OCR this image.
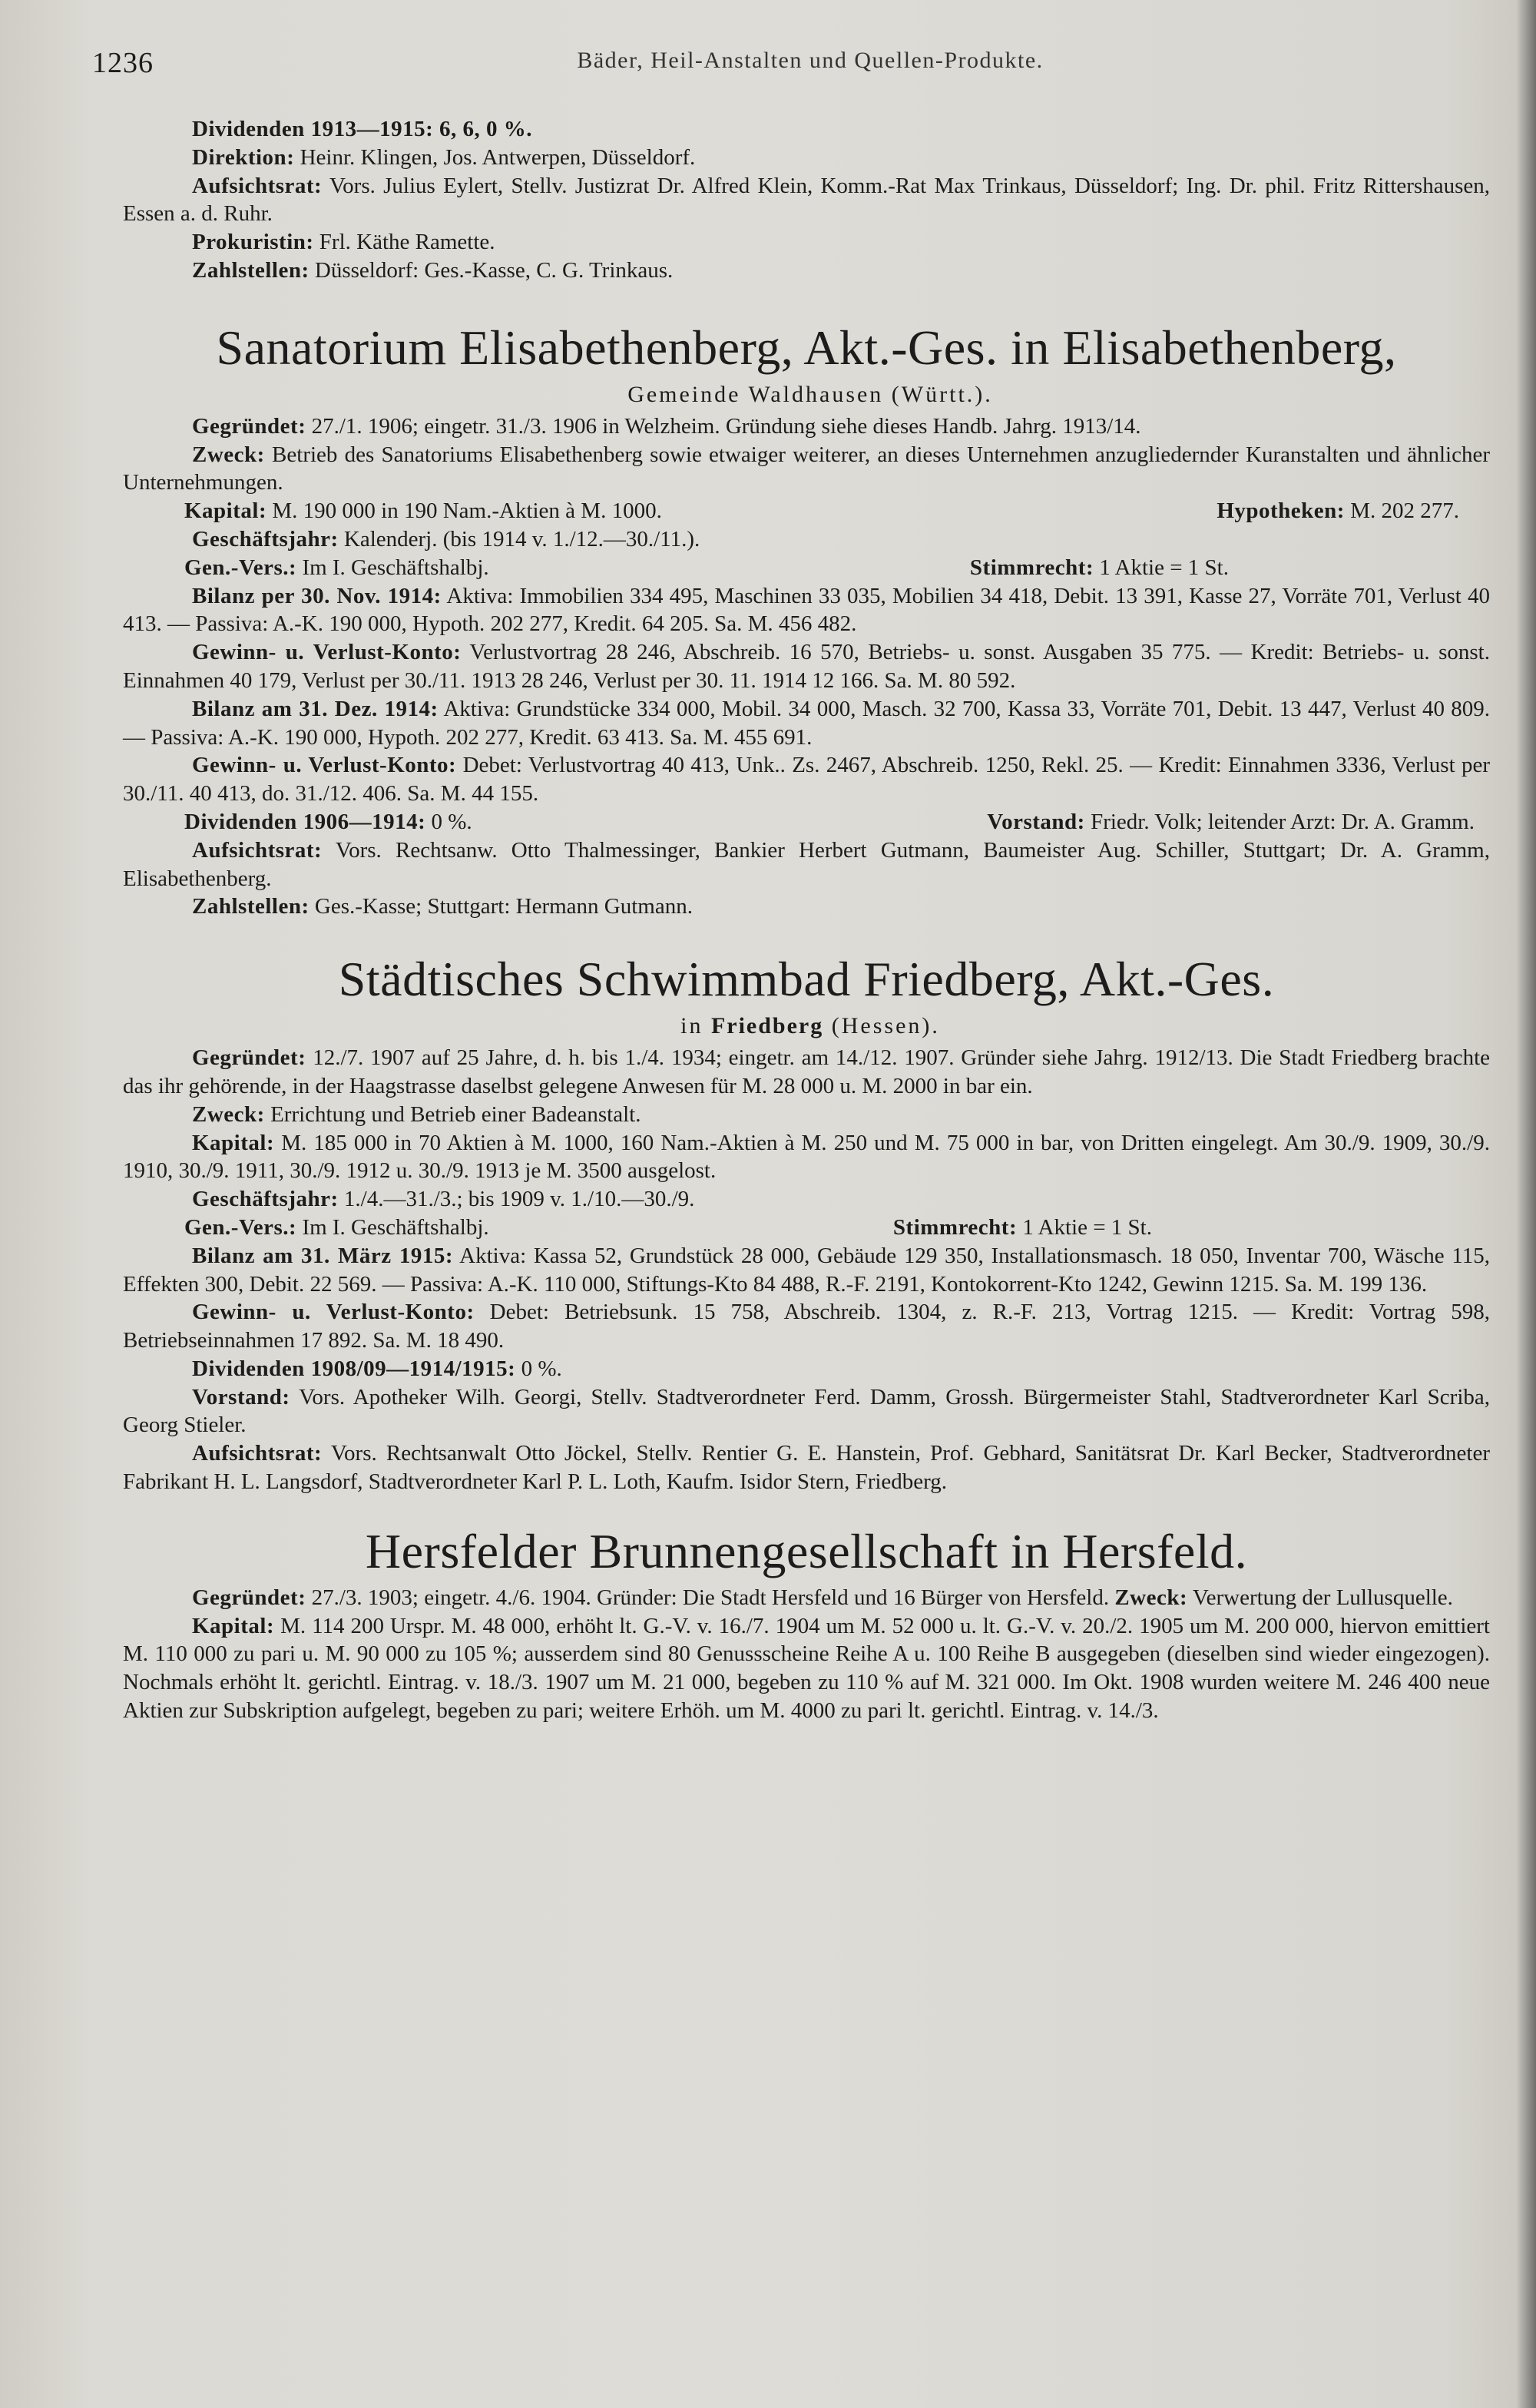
1236	Bäder, Heil-Anstalten und Quellen-Produkte.

Dividenden 1913—1915: 6, 6, 0 %.

Direktion: Heinr. Klingen, Jos. Antwerpen, Düsseldorf.

Aufsichtsrat: Vors. Julius Eylert, Stellv. Justizrat Dr. Alfred Klein, Komm.-Rat Max Trinkaus, Düsseldorf; Ing. Dr. phil. Fritz Rittershausen, Essen a. d. Ruhr.

Prokuristin: Frl. Käthe Ramette.

Zahlstellen: Düsseldorf: Ges.-Kasse, C. G. Trinkaus.

Sanatorium Elisabethenberg, Akt.-Ges. in Elisabethenberg,
Gemeinde Waldhausen (Württ.).

Gegründet: 27./1. 1906; eingetr. 31./3. 1906 in Welzheim. Gründung siehe dieses Handb. Jahrg. 1913/14.

Zweck: Betrieb des Sanatoriums Elisabethenberg sowie etwaiger weiterer, an dieses Unternehmen anzugliedernder Kuranstalten und ähnlicher Unternehmungen.

Kapital: M. 190 000 in 190 Nam.-Aktien à M. 1000.	Hypotheken: M. 202 277.

Geschäftsjahr: Kalenderj. (bis 1914 v. 1./12.—30./11.).

Gen.-Vers.: Im I. Geschäftshalbj.	Stimmrecht: 1 Aktie = 1 St.

Bilanz per 30. Nov. 1914: Aktiva: Immobilien 334 495, Maschinen 33 035, Mobilien 34 418, Debit. 13 391, Kasse 27, Vorräte 701, Verlust 40 413. — Passiva: A.-K. 190 000, Hypoth. 202 277, Kredit. 64 205. Sa. M. 456 482.

Gewinn- u. Verlust-Konto: Verlustvortrag 28 246, Abschreib. 16 570, Betriebs- u. sonst. Ausgaben 35 775. — Kredit: Betriebs- u. sonst. Einnahmen 40 179, Verlust per 30./11. 1913 28 246, Verlust per 30. 11. 1914 12 166. Sa. M. 80 592.

Bilanz am 31. Dez. 1914: Aktiva: Grundstücke 334 000, Mobil. 34 000, Masch. 32 700, Kassa 33, Vorräte 701, Debit. 13 447, Verlust 40 809. — Passiva: A.-K. 190 000, Hypoth. 202 277, Kredit. 63 413. Sa. M. 455 691.

Gewinn- u. Verlust-Konto: Debet: Verlustvortrag 40 413, Unk.. Zs. 2467, Abschreib. 1250, Rekl. 25. — Kredit: Einnahmen 3336, Verlust per 30./11. 40 413, do. 31./12. 406. Sa. M. 44 155.

Dividenden 1906—1914: 0 %.	Vorstand: Friedr. Volk; leitender Arzt: Dr. A. Gramm.

Aufsichtsrat: Vors. Rechtsanw. Otto Thalmessinger, Bankier Herbert Gutmann, Baumeister Aug. Schiller, Stuttgart; Dr. A. Gramm, Elisabethenberg.

Zahlstellen: Ges.-Kasse; Stuttgart: Hermann Gutmann.

Städtisches Schwimmbad Friedberg, Akt.-Ges.
in Friedberg (Hessen).

Gegründet: 12./7. 1907 auf 25 Jahre, d. h. bis 1./4. 1934; eingetr. am 14./12. 1907. Gründer siehe Jahrg. 1912/13. Die Stadt Friedberg brachte das ihr gehörende, in der Haagstrasse daselbst gelegene Anwesen für M. 28 000 u. M. 2000 in bar ein.

Zweck: Errichtung und Betrieb einer Badeanstalt.

Kapital: M. 185 000 in 70 Aktien à M. 1000, 160 Nam.-Aktien à M. 250 und M. 75 000 in bar, von Dritten eingelegt. Am 30./9. 1909, 30./9. 1910, 30./9. 1911, 30./9. 1912 u. 30./9. 1913 je M. 3500 ausgelost.

Geschäftsjahr: 1./4.—31./3.; bis 1909 v. 1./10.—30./9.

Gen.-Vers.: Im I. Geschäftshalbj.	Stimmrecht: 1 Aktie = 1 St.

Bilanz am 31. März 1915: Aktiva: Kassa 52, Grundstück 28 000, Gebäude 129 350, Installationsmasch. 18 050, Inventar 700, Wäsche 115, Effekten 300, Debit. 22 569. — Passiva: A.-K. 110 000, Stiftungs-Kto 84 488, R.-F. 2191, Kontokorrent-Kto 1242, Gewinn 1215. Sa. M. 199 136.

Gewinn- u. Verlust-Konto: Debet: Betriebsunk. 15 758, Abschreib. 1304, z. R.-F. 213, Vortrag 1215. — Kredit: Vortrag 598, Betriebseinnahmen 17 892. Sa. M. 18 490.

Dividenden 1908/09—1914/1915: 0 %.

Vorstand: Vors. Apotheker Wilh. Georgi, Stellv. Stadtverordneter Ferd. Damm, Grossh. Bürgermeister Stahl, Stadtverordneter Karl Scriba, Georg Stieler.

Aufsichtsrat: Vors. Rechtsanwalt Otto Jöckel, Stellv. Rentier G. E. Hanstein, Prof. Gebhard, Sanitätsrat Dr. Karl Becker, Stadtverordneter Fabrikant H. L. Langsdorf, Stadtverordneter Karl P. L. Loth, Kaufm. Isidor Stern, Friedberg.

Hersfelder Brunnengesellschaft in Hersfeld.

Gegründet: 27./3. 1903; eingetr. 4./6. 1904. Gründer: Die Stadt Hersfeld und 16 Bürger von Hersfeld. Zweck: Verwertung der Lullusquelle.

Kapital: M. 114 200 Urspr. M. 48 000, erhöht lt. G.-V. v. 16./7. 1904 um M. 52 000 u. lt. G.-V. v. 20./2. 1905 um M. 200 000, hiervon emittiert M. 110 000 zu pari u. M. 90 000 zu 105 %; ausserdem sind 80 Genussscheine Reihe A u. 100 Reihe B ausgegeben (dieselben sind wieder eingezogen). Nochmals erhöht lt. gerichtl. Eintrag. v. 18./3. 1907 um M. 21 000, begeben zu 110 % auf M. 321 000. Im Okt. 1908 wurden weitere M. 246 400 neue Aktien zur Subskription aufgelegt, begeben zu pari; weitere Erhöh. um M. 4000 zu pari lt. gerichtl. Eintrag. v. 14./3.
